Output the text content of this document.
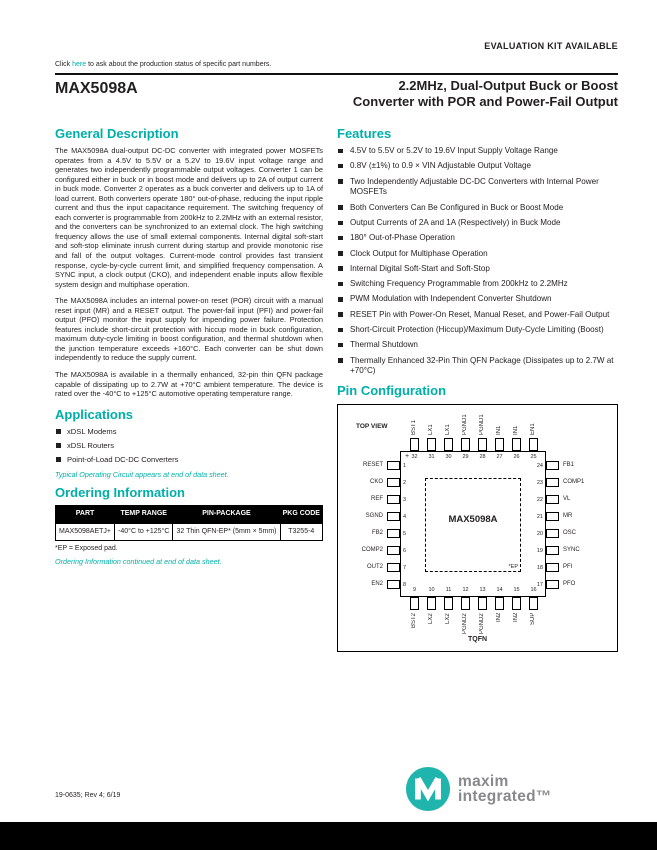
EVALUATION KIT AVAILABLE
Click here to ask about the production status of specific part numbers.
MAX5098A	2.2MHz, Dual-Output Buck or Boost
Converter with POR and Power-Fail Output
General Description

The MAX5098A dual-output DC-DC converter with integrated power MOSFETs operates from a 4.5V to 5.5V or a 5.2V to 19.6V input voltage range and generates two independently programmable output voltages. Converter 1 can be configured either in buck or in boost mode and delivers up to 2A of output current in buck mode. Converter 2 operates as a buck converter and delivers up to 1A of load current. Both converters operate 180° out-of-phase, reducing the input ripple current and thus the input capacitance requirement. The switching frequency of each converter is programmable from 200kHz to 2.2MHz with an external resistor, and the converters can be synchronized to an external clock. The high switching frequency allows the use of small external components. Internal digital soft-start and soft-stop eliminate inrush current during startup and provide monotonic rise and fall of the output voltages. Current-mode control provides fast transient response, cycle-by-cycle current limit, and simplified frequency compensation. A SYNC input, a clock output (CKO), and independent enable inputs allow flexible system design and multiphase operation.

The MAX5098A includes an internal power-on reset (POR) circuit with a manual reset input (MR) and a RESET output. The power-fail input (PFI) and power-fail output (PFO) monitor the input supply for impending power failure. Protection features include short-circuit protection with hiccup mode in buck configuration, maximum duty-cycle limiting in boost configuration, and thermal shutdown when the junction temperature exceeds +160°C. Each converter can be shut down independently to reduce the supply current.

The MAX5098A is available in a thermally enhanced, 32-pin thin QFN package capable of dissipating up to 2.7W at +70°C ambient temperature. The device is rated over the -40°C to +125°C automotive operating temperature range.

Applications
xDSL Modems
xDSL Routers
Point-of-Load DC-DC Converters
Typical Operating Circuit appears at end of data sheet.
Ordering Information
PART	TEMP RANGE	PIN-PACKAGE	PKG CODE
MAX5098AETJ+	-40°C to +125°C	32 Thin QFN-EP* (5mm × 5mm)	T3255-4
*EP = Exposed pad.
Ordering Information continued at end of data sheet.
Features
4.5V to 5.5V or 5.2V to 19.6V Input Supply Voltage Range
0.8V (±1%) to 0.9 × VIN Adjustable Output Voltage
Two Independently Adjustable DC-DC Converters with Internal Power MOSFETs
Both Converters Can Be Configured in Buck or Boost Mode
Output Currents of 2A and 1A (Respectively) in Buck Mode
180° Out-of-Phase Operation
Clock Output for Multiphase Operation
Internal Digital Soft-Start and Soft-Stop
Switching Frequency Programmable from 200kHz to 2.2MHz
PWM Modulation with Independent Converter Shutdown
RESET Pin with Power-On Reset, Manual Reset, and Power-Fail Output
Short-Circuit Protection (Hiccup)/Maximum Duty-Cycle Limiting (Boost)
Thermal Shutdown
Thermally Enhanced 32-Pin Thin QFN Package (Dissipates up to 2.7W at +70°C)
Pin Configuration
TOP VIEW
+
MAX5098A
*EP
TQFN
BST1
32
LX1
31
LX1
30
PGND1
29
PGND1
28
IN1
27
IN1
26
EN1
25
BST2
9
LX2
10
LX2
11
PGND2
12
PGND2
13
IN2
14
IN2
15
SUP
16
RESET	1
CKO	2
REF	3
SGND	4
FB2	5
COMP2	6
OUT2	7
EN2	8
FB1
24
COMP1
23
VL
22
MR
21
OSC
20
SYNC
19
PFI
18
PFO
17
19-0635; Rev 4; 6/19
maxim
integrated™
